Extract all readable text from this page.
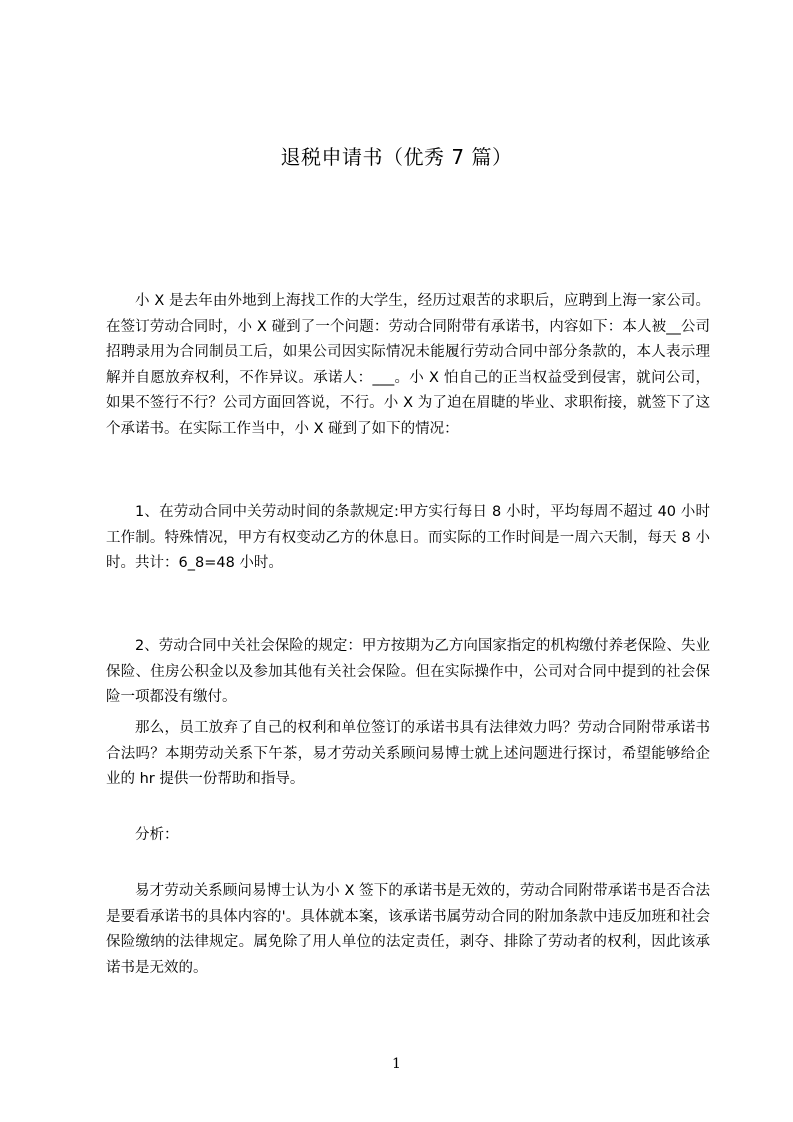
退税申请书（优秀 7 篇）

小 X 是去年由外地到上海找工作的大学生，经历过艰苦的求职后，应聘到上海一家公司。在签订劳动合同时，小 X 碰到了一个问题：劳动合同附带有承诺书，内容如下：本人被__公司招聘录用为合同制员工后，如果公司因实际情况未能履行劳动合同中部分条款的，本人表示理解并自愿放弃权利，不作异议。承诺人：___。小 X 怕自己的正当权益受到侵害，就问公司，如果不签行不行？公司方面回答说，不行。小 X 为了迫在眉睫的毕业、求职衔接，就签下了这个承诺书。在实际工作当中，小 X 碰到了如下的情况：

1、在劳动合同中关劳动时间的条款规定:甲方实行每日 8 小时，平均每周不超过 40 小时工作制。特殊情况，甲方有权变动乙方的休息日。而实际的工作时间是一周六天制，每天 8 小时。共计：6_8=48 小时。

2、劳动合同中关社会保险的规定：甲方按期为乙方向国家指定的机构缴付养老保险、失业保险、住房公积金以及参加其他有关社会保险。但在实际操作中，公司对合同中提到的社会保险一项都没有缴付。

那么，员工放弃了自己的权利和单位签订的承诺书具有法律效力吗？劳动合同附带承诺书合法吗？本期劳动关系下午茶，易才劳动关系顾问易博士就上述问题进行探讨，希望能够给企业的 hr 提供一份帮助和指导。

分析：

易才劳动关系顾问易博士认为小 X 签下的承诺书是无效的，劳动合同附带承诺书是否合法是要看承诺书的具体内容的'。具体就本案，该承诺书属劳动合同的附加条款中违反加班和社会保险缴纳的法律规定。属免除了用人单位的法定责任，剥夺、排除了劳动者的权利，因此该承诺书是无效的。

1
